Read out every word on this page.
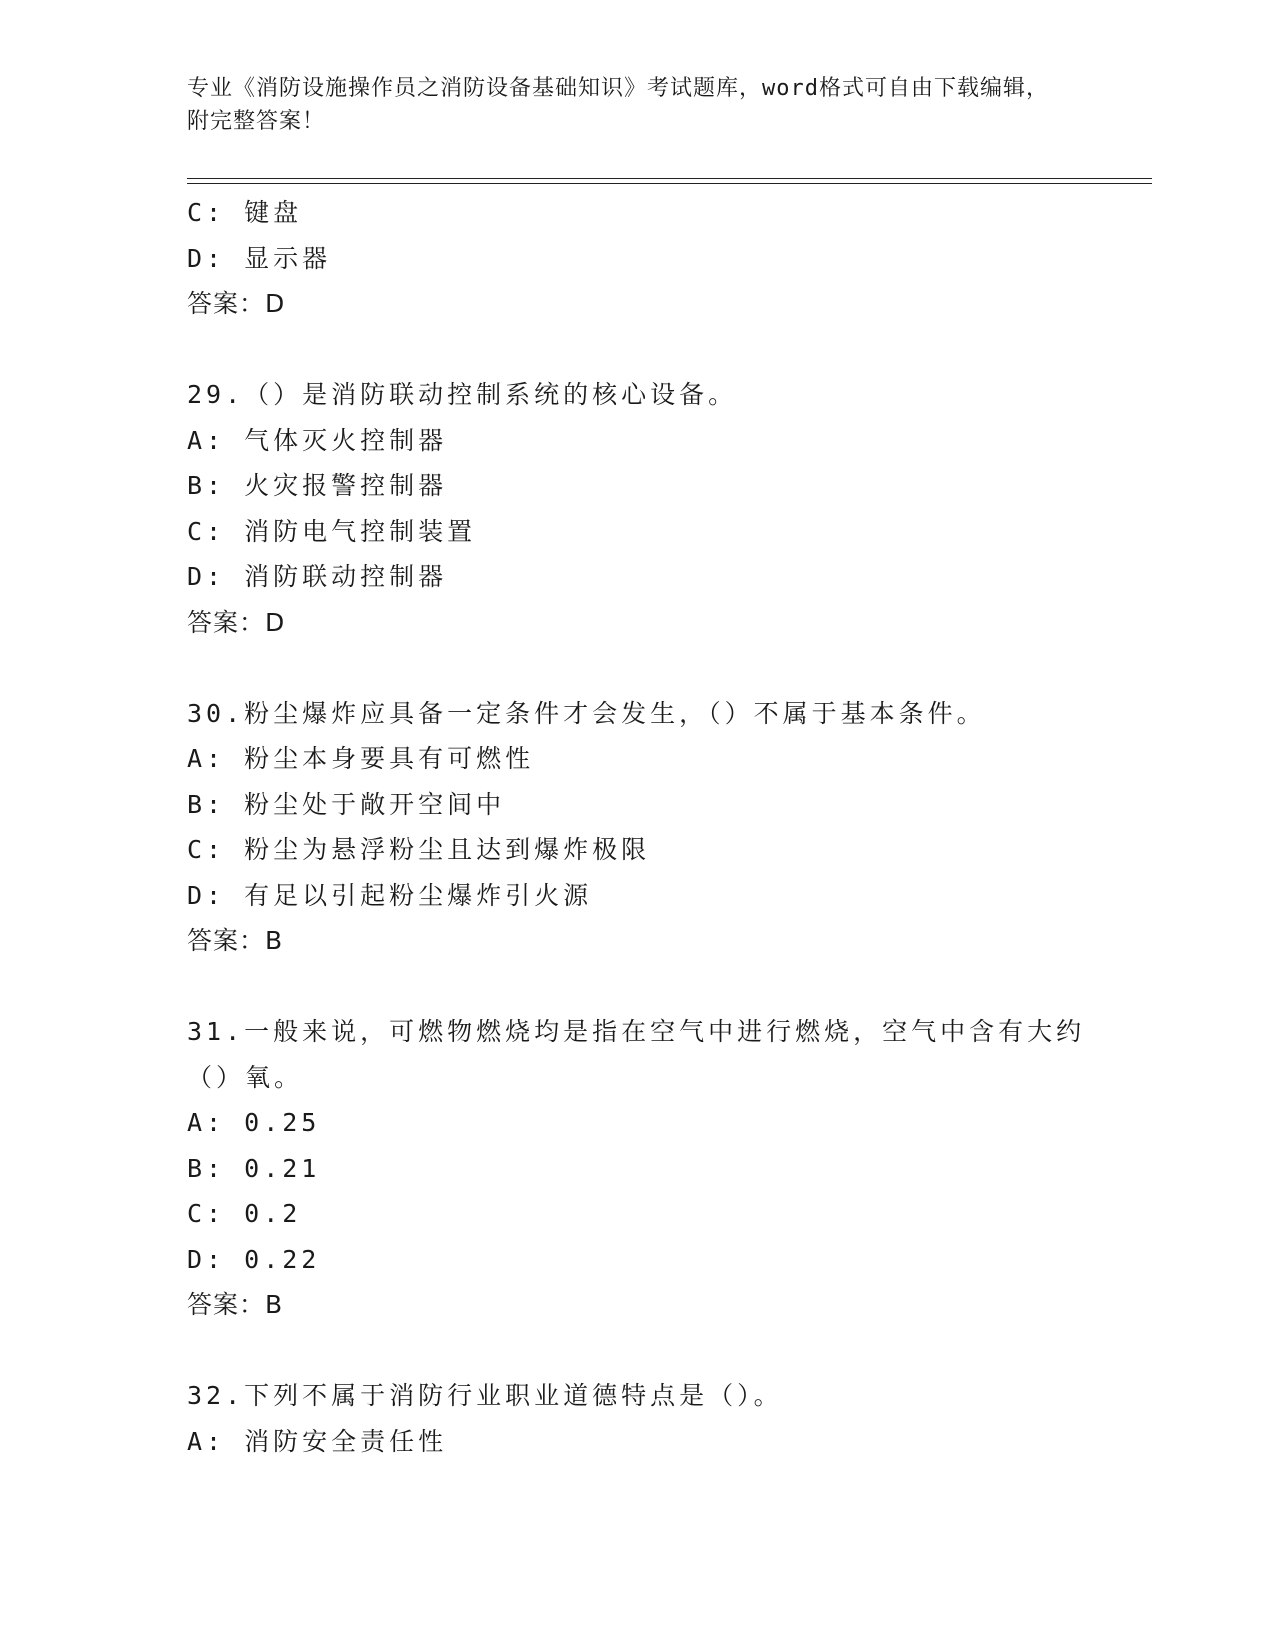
专业《消防设施操作员之消防设备基础知识》考试题库，word格式可自由下载编辑，附完整答案！
C: 键盘
D: 显示器
答案：D
29.（）是消防联动控制系统的核心设备。
A: 气体灭火控制器
B: 火灾报警控制器
C: 消防电气控制装置
D: 消防联动控制器
答案：D
30.粉尘爆炸应具备一定条件才会发生，（）不属于基本条件。
A: 粉尘本身要具有可燃性
B: 粉尘处于敞开空间中
C: 粉尘为悬浮粉尘且达到爆炸极限
D: 有足以引起粉尘爆炸引火源
答案：B
31.一般来说，可燃物燃烧均是指在空气中进行燃烧，空气中含有大约
（）氧。
A: 0.25
B: 0.21
C: 0.2
D: 0.22
答案：B
32.下列不属于消防行业职业道德特点是（）。
A: 消防安全责任性
